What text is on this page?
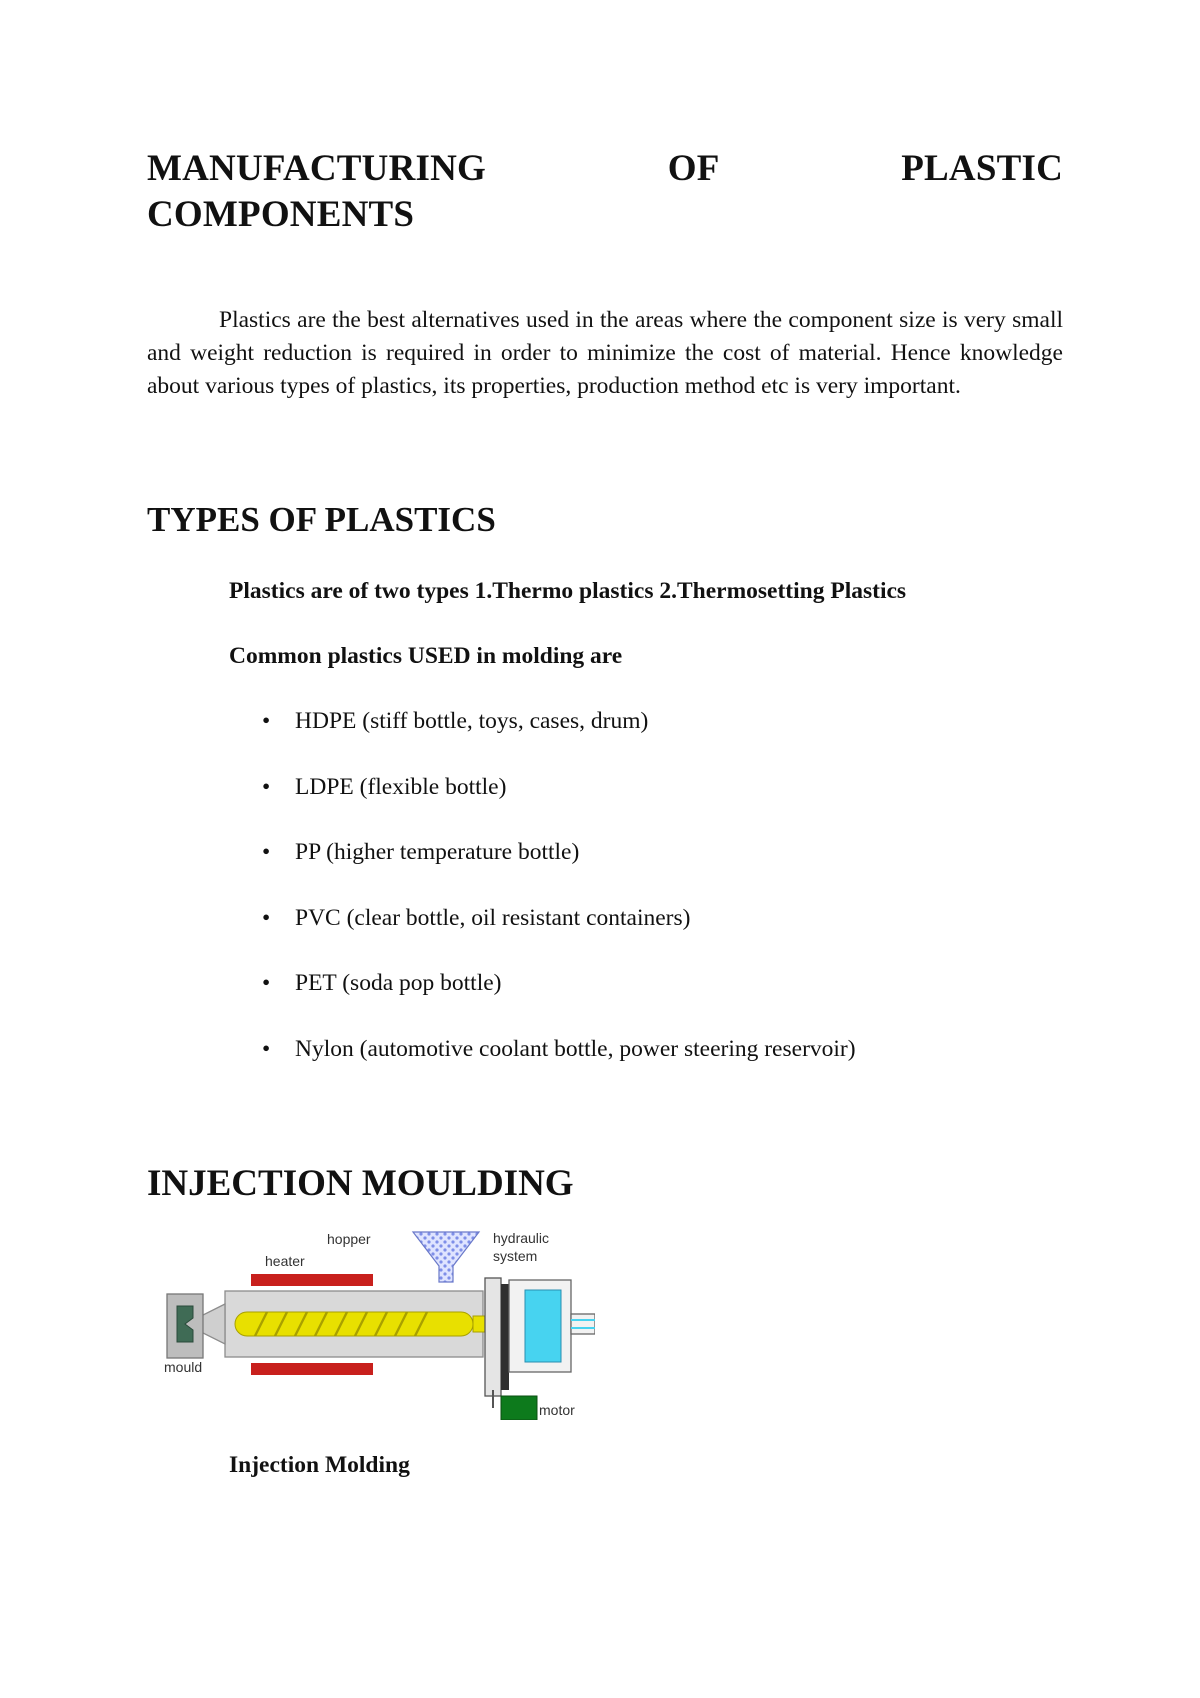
MANUFACTURING	OF	PLASTIC
COMPONENTS

Plastics are the best alternatives used in the areas where the component size is very small and weight reduction is required in order to minimize the cost of material. Hence knowledge about various types of plastics, its properties, production method etc is very important.

TYPES OF PLASTICS

Plastics are of two types 1.Thermo plastics 2.Thermosetting Plastics

Common plastics USED in molding are

• HDPE (stiff bottle, toys, cases, drum)
• LDPE (flexible bottle)
• PP (higher temperature bottle)
• PVC (clear bottle, oil resistant containers)
• PET (soda pop bottle)
• Nylon (automotive coolant bottle, power steering reservoir)
INJECTION MOULDING
hopper
heater
hydraulic
system
mould
motor

Injection Molding
